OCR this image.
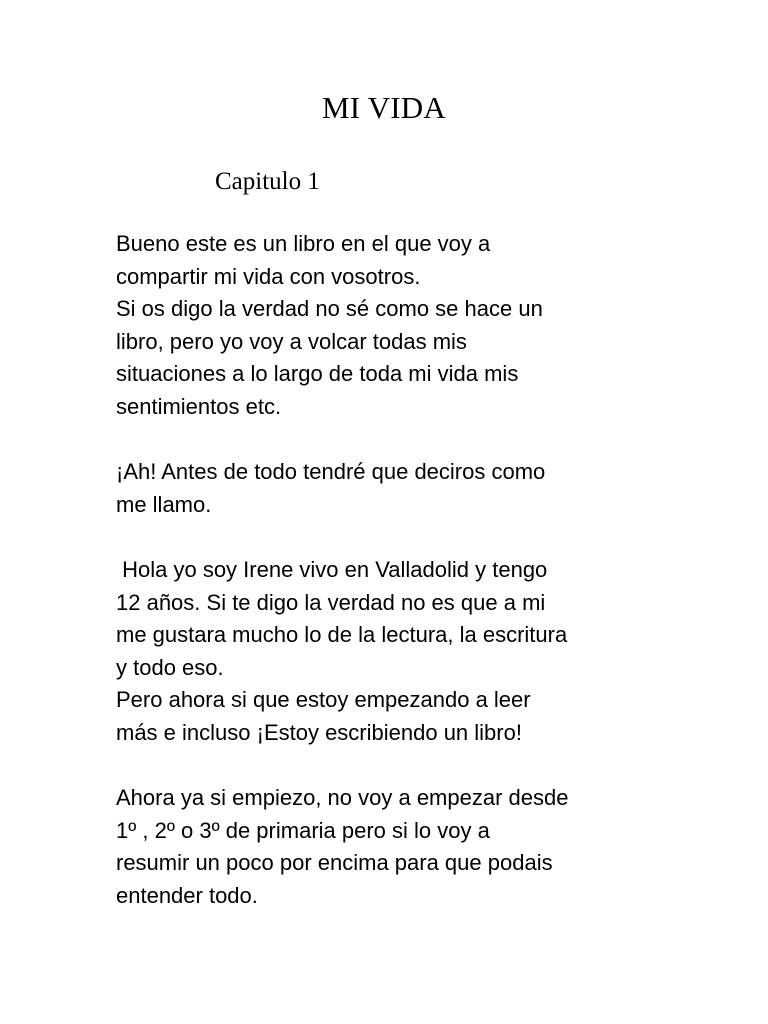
MI VIDA
Capitulo 1
Bueno este es un libro en el que voy a
compartir mi vida con vosotros.
Si os digo la verdad no sé como se hace un
libro, pero yo voy a volcar todas mis
situaciones a lo largo de toda mi vida mis
sentimientos etc.
¡Ah! Antes de todo tendré que deciros como
me llamo.
Hola yo soy Irene vivo en Valladolid y tengo
12 años. Si te digo la verdad no es que a mi
me gustara mucho lo de la lectura, la escritura
y todo eso.
Pero ahora si que estoy empezando a leer
más e incluso ¡Estoy escribiendo un libro!
Ahora ya si empiezo, no voy a empezar desde
1º , 2º o 3º de primaria pero si lo voy a
resumir un poco por encima para que podais
entender todo.
